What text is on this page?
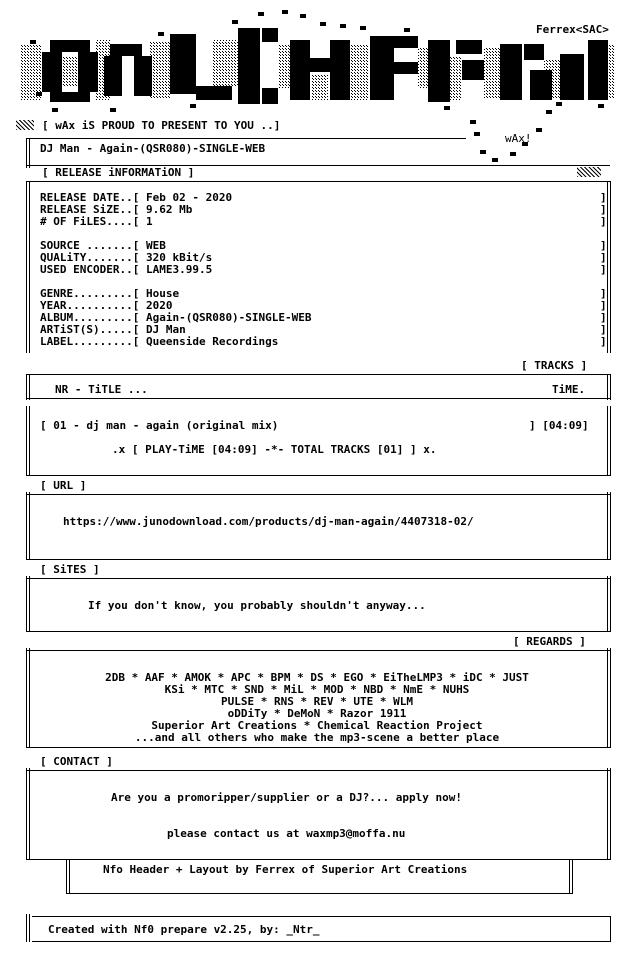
Ferrex<SAC>
wAx!
[ wAx iS PROUD TO PRESENT TO YOU ..]
DJ Man - Again-(QSR080)-SINGLE-WEB
[ RELEASE iNFORMATiON ]
RELEASE DATE..[ Feb 02 - 2020
RELEASE SiZE..[ 9.62 Mb
# OF FiLES....[ 1
SOURCE .......[ WEB
QUALiTY.......[ 320 kBit/s
USED ENCODER..[ LAME3.99.5
GENRE.........[ House
YEAR..........[ 2020
ALBUM.........[ Again-(QSR080)-SINGLE-WEB
ARTiST(S).....[ DJ Man
LABEL.........[ Queenside Recordings
]
]
]
]
]
]
]
]
]
]
]
[ TRACKS ]
NR - TiTLE ...	TiME.
[ 01 - dj man - again (original mix)	] [04:09]
.x [ PLAY-TiME [04:09] -*- TOTAL TRACKS [01] ] x.
[ URL ]
https://www.junodownload.com/products/dj-man-again/4407318-02/
[ SiTES ]
If you don't know, you probably shouldn't anyway...
[ REGARDS ]
2DB * AAF * AMOK * APC * BPM * DS * EGO * EiTheLMP3 * iDC * JUST
KSi * MTC * SND * MiL * MOD * NBD * NmE * NUHS
PULSE * RNS * REV * UTE * WLM
oDDiTy * DeMoN * Razor 1911
Superior Art Creations * Chemical Reaction Project
...and all others who make the mp3-scene a better place
[ CONTACT ]
Are you a promoripper/supplier or a DJ?... apply now!
please contact us at waxmp3@moffa.nu
Nfo Header + Layout by Ferrex of Superior Art Creations
Created with Nf0 prepare v2.25, by: _Ntr_
